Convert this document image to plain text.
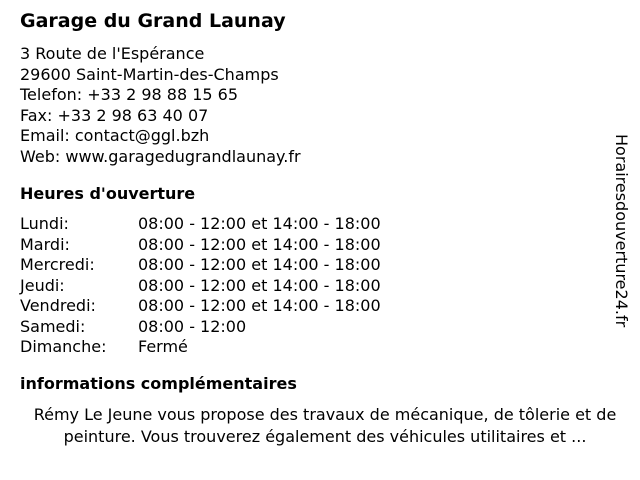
Garage du Grand Launay
3 Route de l'Espérance
29600 Saint-Martin-des-Champs
Telefon: +33 2 98 88 15 65
Fax: +33 2 98 63 40 07
Email: contact@ggl.bzh
Web: www.garagedugrandlaunay.fr
Heures d'ouverture
Lundi:	08:00 - 12:00 et 14:00 - 18:00
Mardi:	08:00 - 12:00 et 14:00 - 18:00
Mercredi:	08:00 - 12:00 et 14:00 - 18:00
Jeudi:	08:00 - 12:00 et 14:00 - 18:00
Vendredi:	08:00 - 12:00 et 14:00 - 18:00
Samedi:	08:00 - 12:00
Dimanche: Fermé
informations complémentaires
Rémy Le Jeune vous propose des travaux de mécanique, de tôlerie et de peinture. Vous trouverez également des véhicules utilitaires et ...
Horairesdouverture24.fr
